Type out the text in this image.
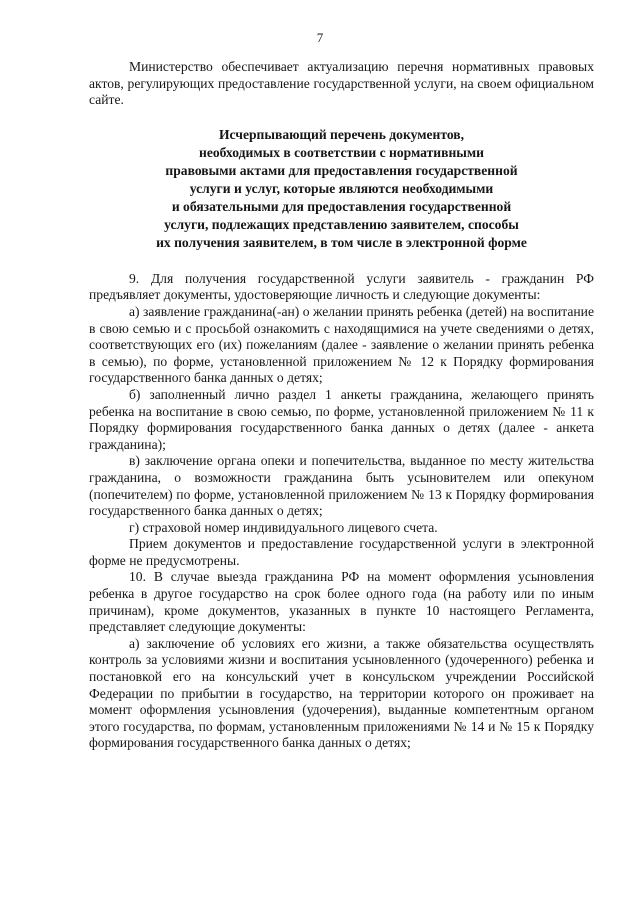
7

Министерство обеспечивает актуализацию перечня нормативных правовых актов, регулирующих предоставление государственной услуги, на своем официальном сайте.

Исчерпывающий перечень документов,
необходимых в соответствии с нормативными
правовыми актами для предоставления государственной
услуги и услуг, которые являются необходимыми
и обязательными для предоставления государственной
услуги, подлежащих представлению заявителем, способы
их получения заявителем, в том числе в электронной форме

9. Для получения государственной услуги заявитель - гражданин РФ предъявляет документы, удостоверяющие личность и следующие документы:

а) заявление гражданина(-ан) о желании принять ребенка (детей) на воспитание в свою семью и с просьбой ознакомить с находящимися на учете сведениями о детях, соответствующих его (их) пожеланиям (далее - заявление о желании принять ребенка в семью), по форме, установленной приложением № 12 к Порядку формирования государственного банка данных о детях;

б) заполненный лично раздел 1 анкеты гражданина, желающего принять ребенка на воспитание в свою семью, по форме, установленной приложением № 11 к Порядку формирования государственного банка данных о детях (далее - анкета гражданина);

в) заключение органа опеки и попечительства, выданное по месту жительства гражданина, о возможности гражданина быть усыновителем или опекуном (попечителем) по форме, установленной приложением № 13 к Порядку формирования государственного банка данных о детях;

г) страховой номер индивидуального лицевого счета.

Прием документов и предоставление государственной услуги в электронной форме не предусмотрены.

10. В случае выезда гражданина РФ на момент оформления усыновления ребенка в другое государство на срок более одного года (на работу или по иным причинам), кроме документов, указанных в пункте 10 настоящего Регламента, представляет следующие документы:

а) заключение об условиях его жизни, а также обязательства осуществлять контроль за условиями жизни и воспитания усыновленного (удочеренного) ребенка и постановкой его на консульский учет в консульском учреждении Российской Федерации по прибытии в государство, на территории которого он проживает на момент оформления усыновления (удочерения), выданные компетентным органом этого государства, по формам, установленным приложениями № 14 и № 15 к Порядку формирования государственного банка данных о детях;
